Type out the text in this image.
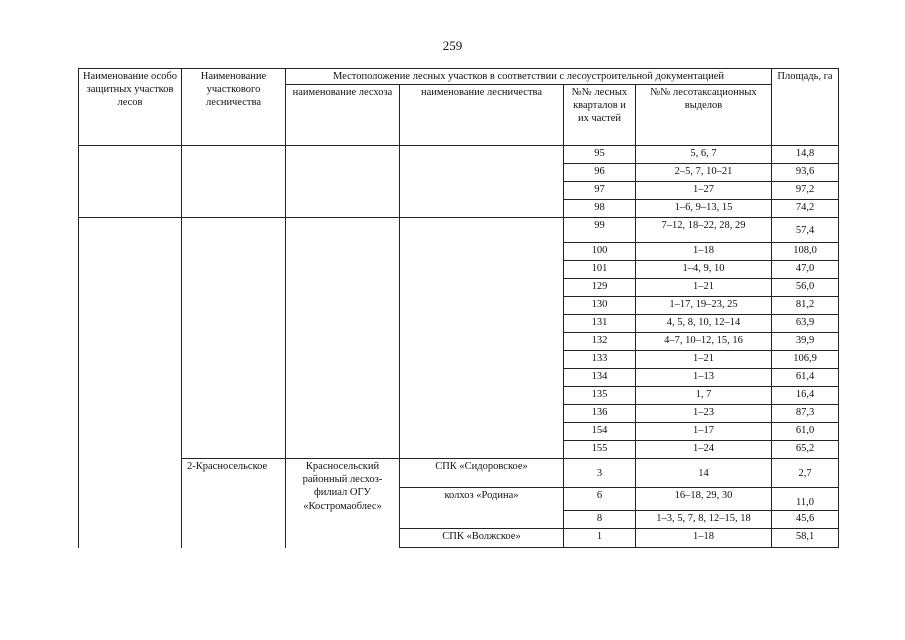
259
Наименование особо защитных участков лесов	Наименование участкового лесничества	Местоположение лесных участков в соответствии с лесоустроительной документацией				Площадь, га
		наименование лесхоза	наименование лесничества	№№ лесных кварталов и их частей	№№ лесотаксационных выделов	
				95	5, 6, 7	14,8
				96	2–5, 7, 10–21	93,6
				97	1–27	97,2
				98	1–6, 9–13, 15	74,2
				99	7–12, 18–22, 28, 29	57,4
				100	1–18	108,0
				101	1–4, 9, 10	47,0
				129	1–21	56,0
				130	1–17, 19–23, 25	81,2
				131	4, 5, 8, 10, 12–14	63,9
				132	4–7, 10–12, 15, 16	39,9
				133	1–21	106,9
				134	1–13	61,4
				135	1, 7	16,4
				136	1–23	87,3
				154	1–17	61,0
				155	1–24	65,2
	2-Красносельское	Красносельский районный лесхоз-филиал ОГУ «Костромаоблес»	СПК «Сидоровское»	3	14	2,7
			колхоз «Родина»	6	16–18, 29, 30	11,0
				8	1–3, 5, 7, 8, 12–15, 18	45,6
			СПК «Волжское»	1	1–18	58,1
